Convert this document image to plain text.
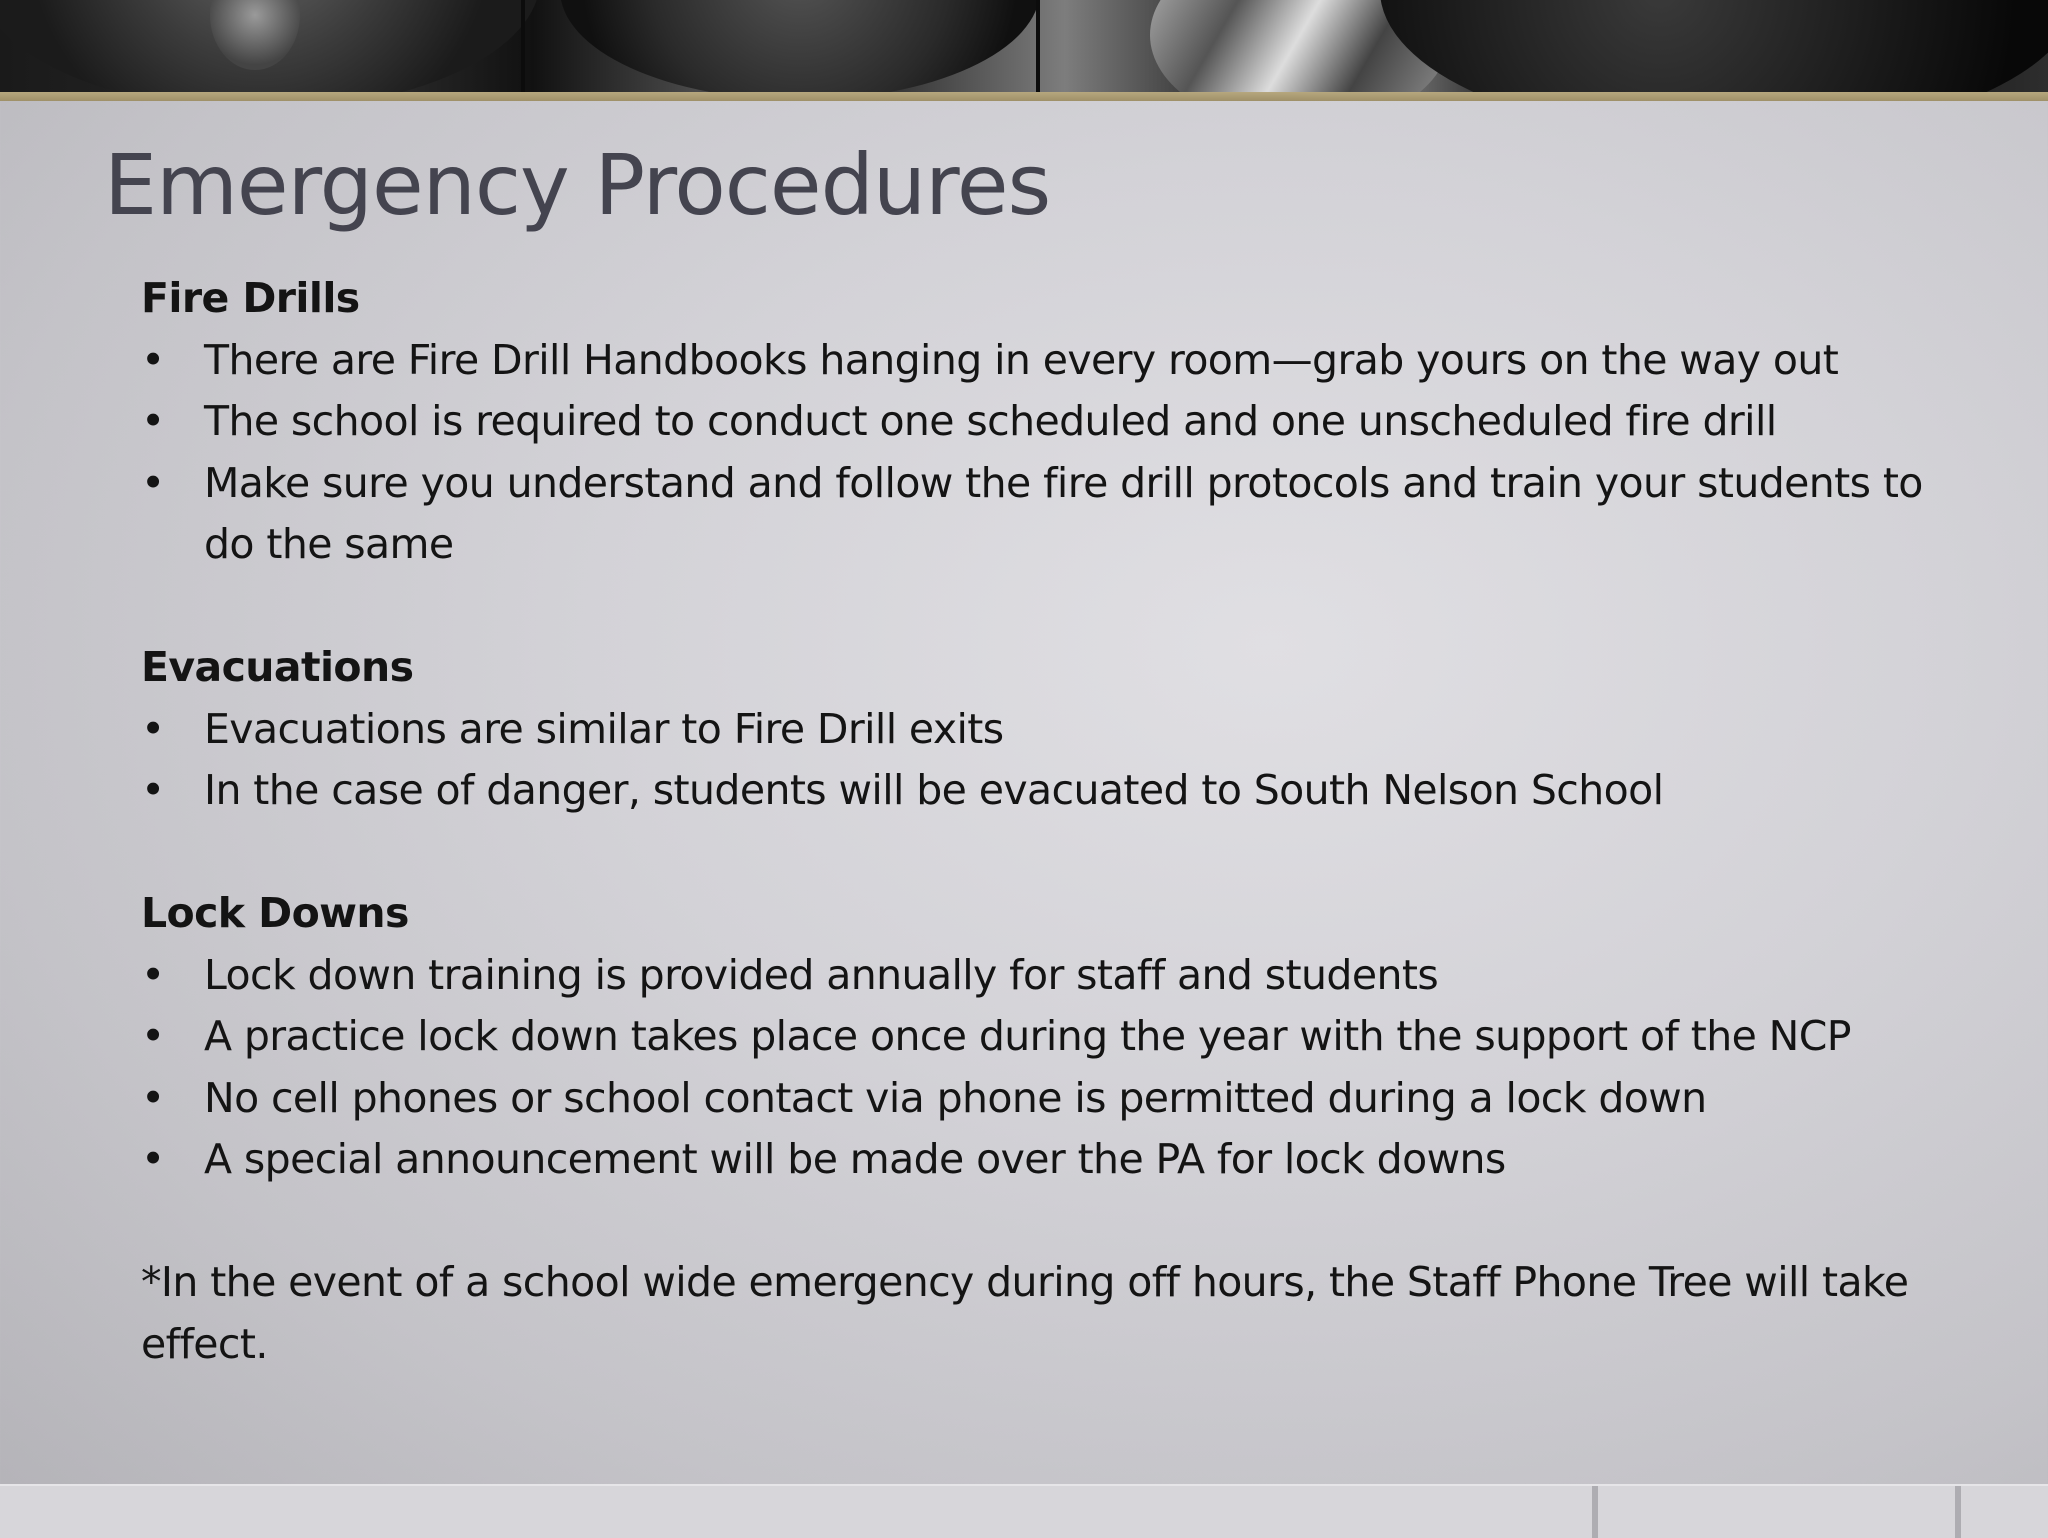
Emergency Procedures

Fire Drills

• There are Fire Drill Handbooks hanging in every room—grab yours on the way out
• The school is required to conduct one scheduled and one unscheduled fire drill
• Make sure you understand and follow the fire drill protocols and train your students to do the same

Evacuations

• Evacuations are similar to Fire Drill exits
• In the case of danger, students will be evacuated to South Nelson School

Lock Downs

• Lock down training is provided annually for staff and students
• A practice lock down takes place once during the year with the support of the NCP
• No cell phones or school contact via phone is permitted during a lock down
• A special announcement will be made over the PA for lock downs

*In the event of a school wide emergency during off hours, the Staff Phone Tree will take effect.
